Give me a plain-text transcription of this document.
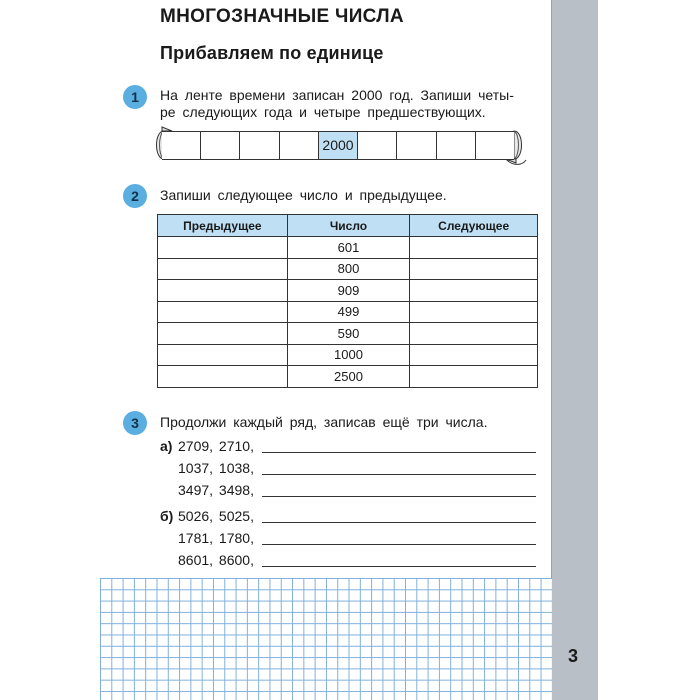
3
МНОГОЗНАЧНЫЕ ЧИСЛА
Прибавляем по единице
1	На ленте времени записан 2000 год. Запиши четы-
ре следующих года и четыре предшествующих.
2000
2	Запиши следующее число и предыдущее.
Предыдущее	Число	Следующее
	601	
	800	
	909	
	499	
	590	
	1000	
	2500	
3	Продолжи каждый ряд, записав ещё три числа.
а) 2709, 2710,
1037, 1038,
3497, 3498,
б) 5026, 5025,
1781, 1780,
8601, 8600,
